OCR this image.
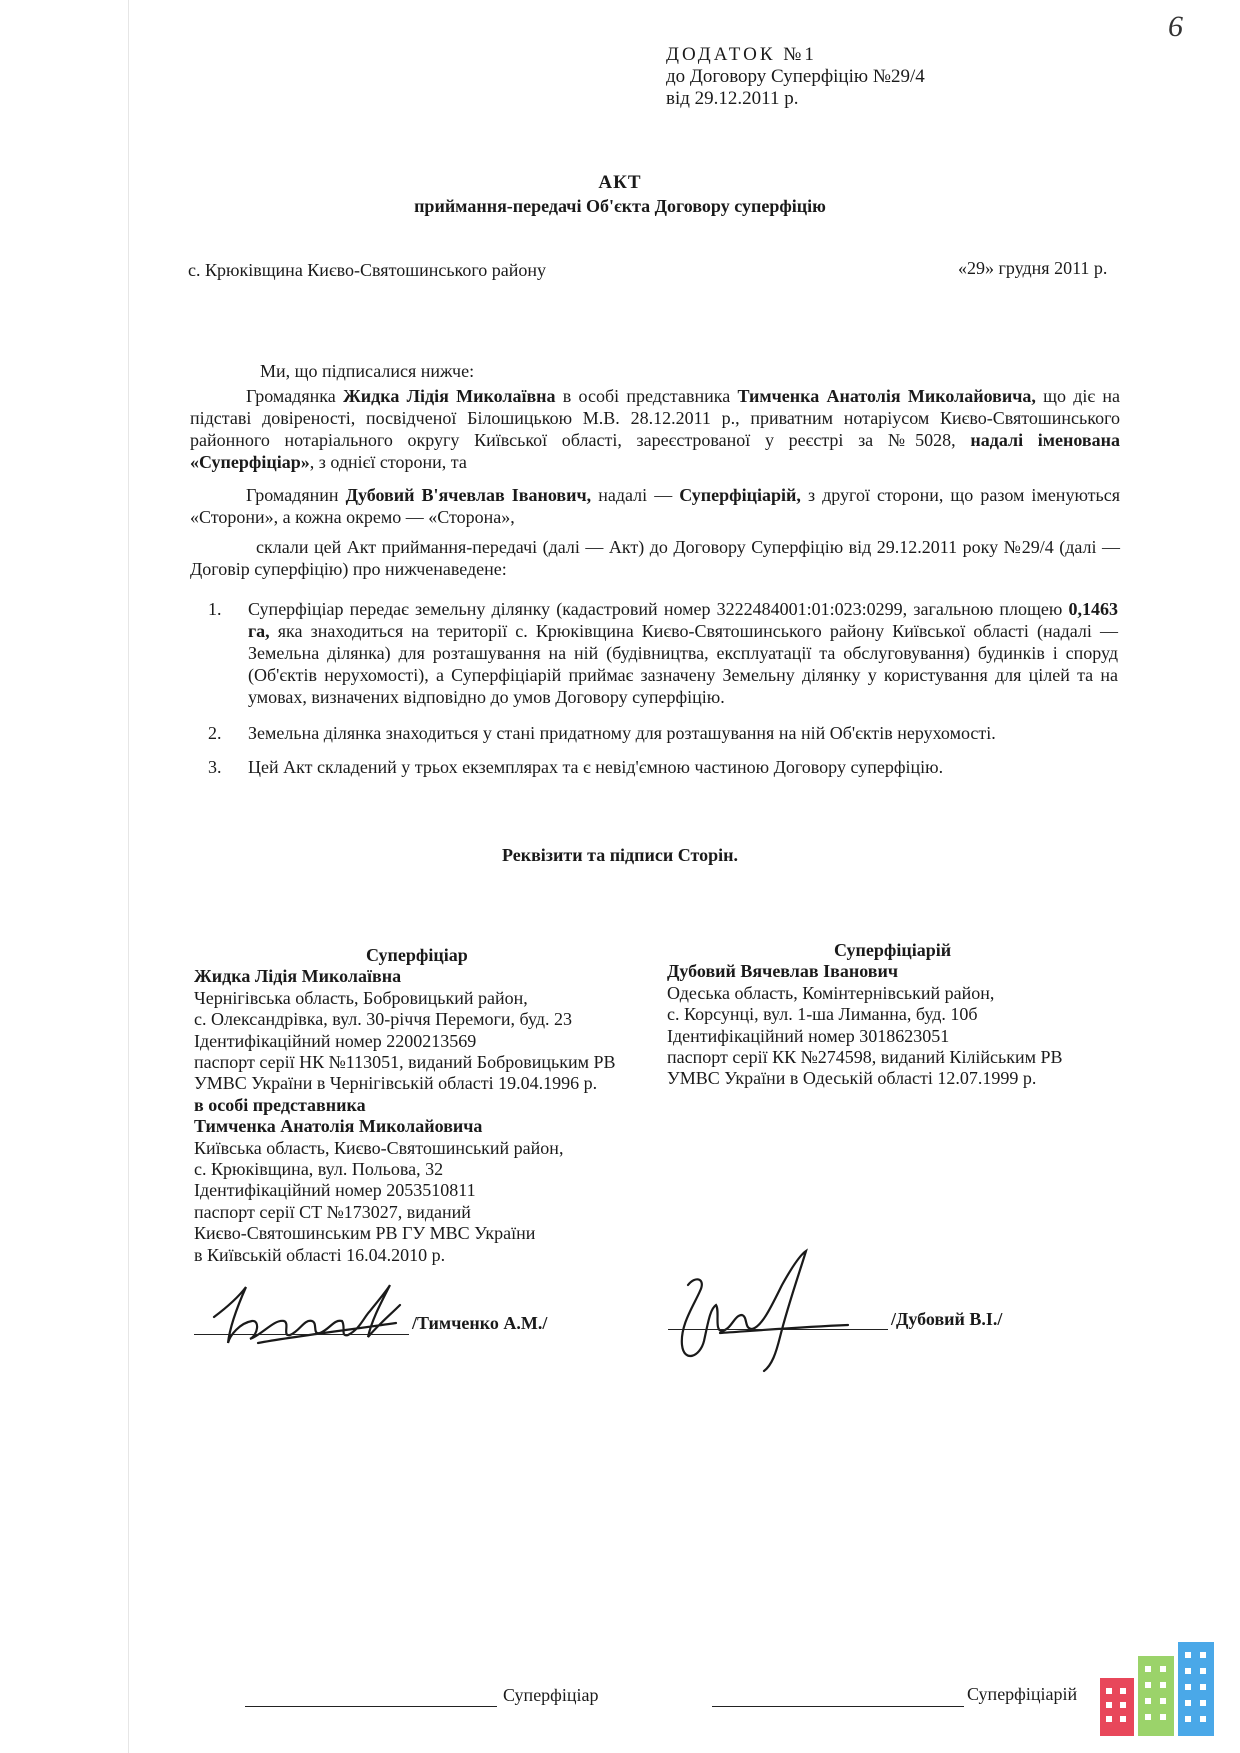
6
ДОДАТОК №1
до Договору Суперфіцію №29/4
від 29.12.2011 р.
АКТ
приймання-передачі Об'єкта Договору суперфіцію
с. Крюківщина Києво-Святошинського району	«29» грудня 2011 р.
Ми, що підписалися нижче:
Громадянка Жидка Лідія Миколаївна в особі представника Тимченка Анатолія Миколайовича, що діє на підставі довіреності, посвідченої Білошицькою М.В. 28.12.2011 р., приватним нотаріусом Києво-Святошинського районного нотаріального округу Київської області, зареєстрованої у реєстрі за №5028, надалі іменована «Суперфіціар», з однієї сторони, та
Громадянин Дубовий В'ячевлав Іванович, надалі — Суперфіціарій, з другої сторони, що разом іменуються «Сторони», а кожна окремо — «Сторона»,
склали цей Акт приймання-передачі (далі — Акт) до Договору Суперфіцію від 29.12.2011 року №29/4 (далі — Договір суперфіцію) про нижченаведене:
1. Суперфіціар передає земельну ділянку (кадастровий номер 3222484001:01:023:0299, загальною площею 0,1463 га, яка знаходиться на території с. Крюківщина Києво-Святошинського району Київської області (надалі — Земельна ділянка) для розташування на ній (будівництва, експлуатації та обслуговування) будинків і споруд (Об'єктів нерухомості), а Суперфіціарій приймає зазначену Земельну ділянку у користування для цілей та на умовах, визначених відповідно до умов Договору суперфіцію.
2. Земельна ділянка знаходиться у стані придатному для розташування на ній Об'єктів нерухомості.
3. Цей Акт складений у трьох екземплярах та є невід'ємною частиною Договору суперфіцію.
Реквізити та підписи Сторін.
Суперфіціар
Жидка Лідія Миколаївна
Чернігівська область, Бобровицький район,
с. Олександрівка, вул. 30-річчя Перемоги, буд. 23
Ідентифікаційний номер 2200213569
паспорт серії НК №113051, виданий Бобровицьким РВ
УМВС України в Чернігівській області 19.04.1996 р.
в особі представника
Тимченка Анатолія Миколайовича
Київська область, Києво-Святошинський район,
с. Крюківщина, вул. Польова, 32
Ідентифікаційний номер 2053510811
паспорт серії СТ №173027, виданий
Києво-Святошинським РВ ГУ МВС України
в Київській області 16.04.2010 р.
Суперфіціарій
Дубовий Вячевлав Іванович
Одеська область, Комінтернівський район,
с. Корсунці, вул. 1-ша Лиманна, буд. 10б
Ідентифікаційний номер 3018623051
паспорт серії КК №274598, виданий Кілійським РВ
УМВС України в Одеській області 12.07.1999 р.
/Тимченко А.М./	/Дубовий В.І./
Суперфіціар	Суперфіціарій
